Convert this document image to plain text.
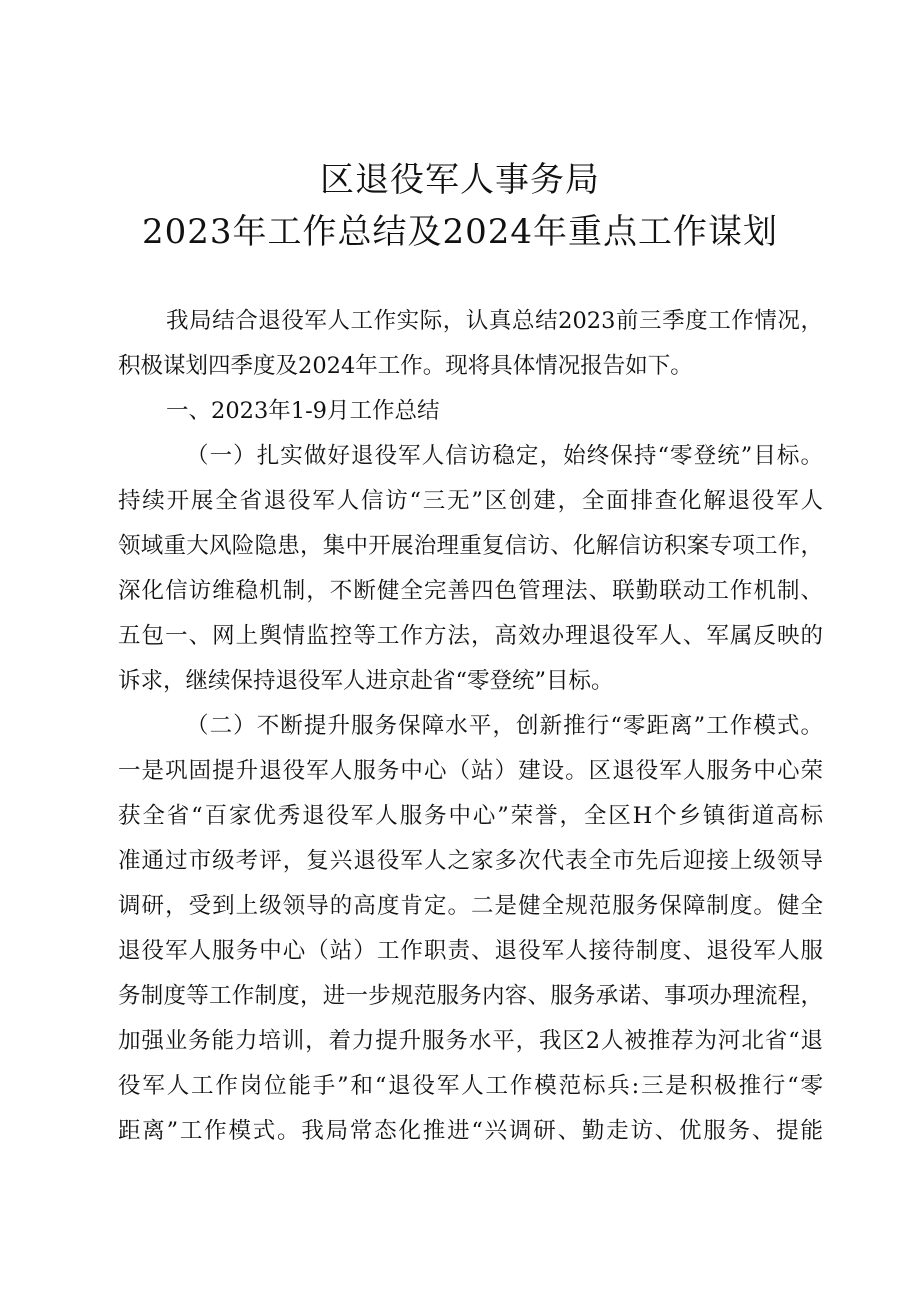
区退役军人事务局
2023年工作总结及2024年重点工作谋划
我局结合退役军人工作实际，认真总结2023前三季度工作情况，
积极谋划四季度及2024年工作。现将具体情况报告如下。
一、2023年1-9月工作总结
（一）扎实做好退役军人信访稳定，始终保持“零登统”目标。
持续开展全省退役军人信访“三无”区创建，全面排查化解退役军人
领域重大风险隐患，集中开展治理重复信访、化解信访积案专项工作，
深化信访维稳机制，不断健全完善四色管理法、联勤联动工作机制、
五包一、网上舆情监控等工作方法，高效办理退役军人、军属反映的
诉求，继续保持退役军人进京赴省“零登统”目标。
（二）不断提升服务保障水平，创新推行“零距离”工作模式。
一是巩固提升退役军人服务中心（站）建设。区退役军人服务中心荣
获全省“百家优秀退役军人服务中心”荣誉，全区H个乡镇街道高标
准通过市级考评，复兴退役军人之家多次代表全市先后迎接上级领导
调研，受到上级领导的高度肯定。二是健全规范服务保障制度。健全
退役军人服务中心（站）工作职责、退役军人接待制度、退役军人服
务制度等工作制度，进一步规范服务内容、服务承诺、事项办理流程，
加强业务能力培训，着力提升服务水平，我区2人被推荐为河北省“退
役军人工作岗位能手”和“退役军人工作模范标兵:三是积极推行“零
距离”工作模式。我局常态化推进“兴调研、勤走访、优服务、提能
